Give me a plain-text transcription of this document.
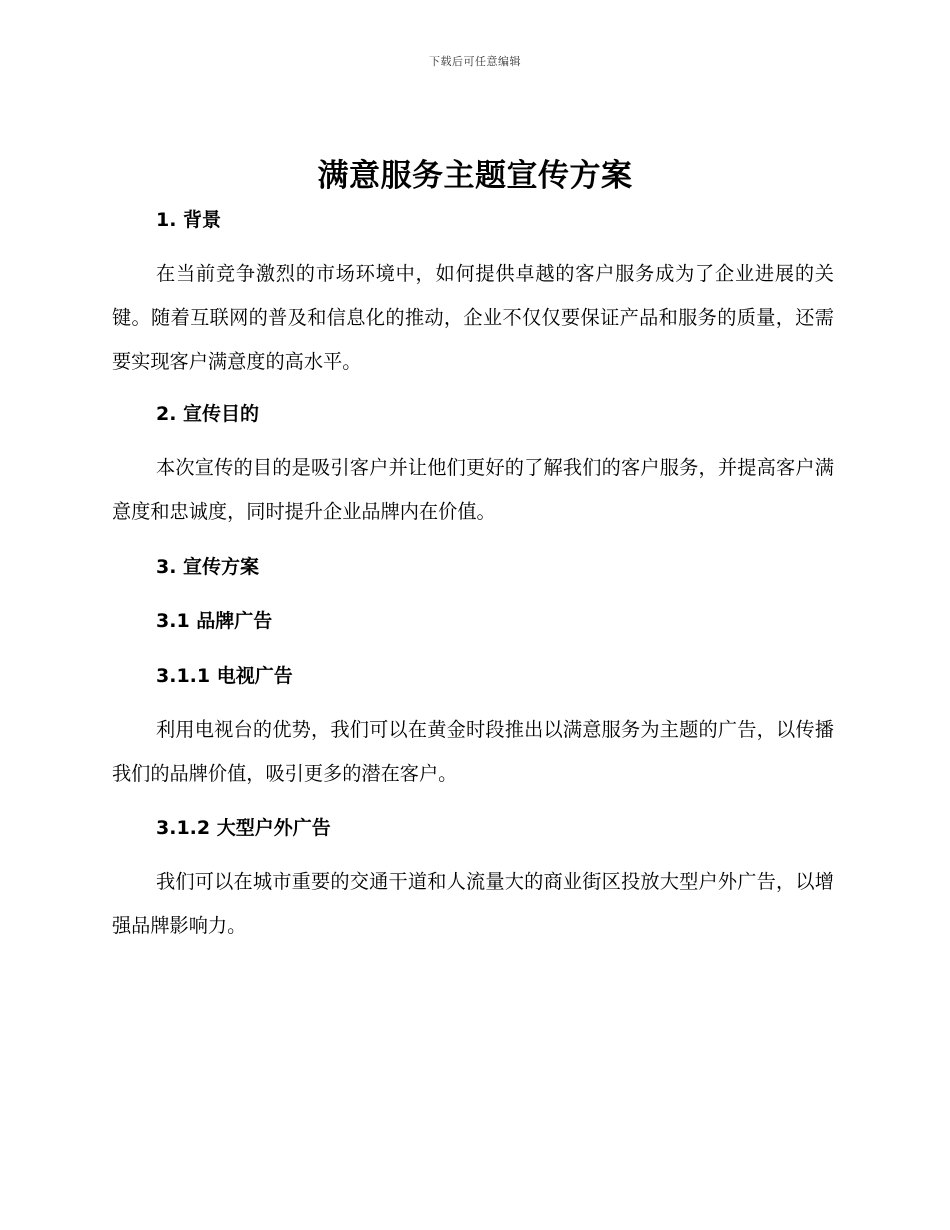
下载后可任意编辑
满意服务主题宣传方案
1. 背景
在当前竞争激烈的市场环境中，如何提供卓越的客户服务成为了企业进展的关键。随着互联网的普及和信息化的推动，企业不仅仅要保证产品和服务的质量，还需要实现客户满意度的高水平。
2. 宣传目的
本次宣传的目的是吸引客户并让他们更好的了解我们的客户服务，并提高客户满意度和忠诚度，同时提升企业品牌内在价值。
3. 宣传方案
3.1 品牌广告
3.1.1 电视广告
利用电视台的优势，我们可以在黄金时段推出以满意服务为主题的广告，以传播我们的品牌价值，吸引更多的潜在客户。
3.1.2 大型户外广告
我们可以在城市重要的交通干道和人流量大的商业街区投放大型户外广告，以增强品牌影响力。
